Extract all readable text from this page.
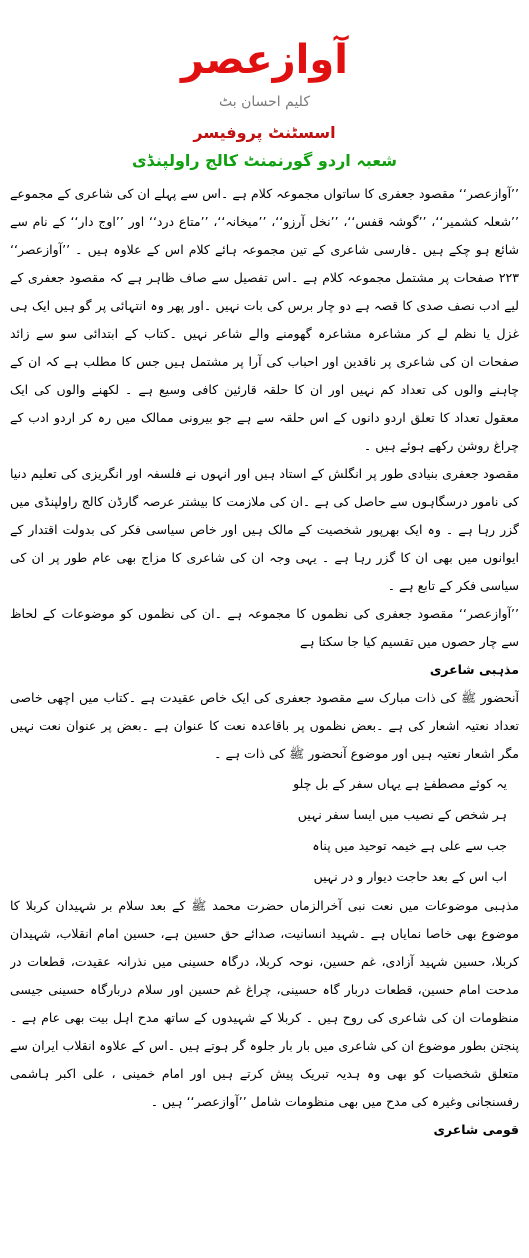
آوازعصر
کلیم احسان بٹ
اسسٹنٹ پروفیسر
شعبہ اردو گورنمنٹ کالج راولپنڈی

’’آوازعصر‘‘ مقصود جعفری کا ساتواں مجموعہ کلام ہے ۔اس سے پہلے ان کی شاعری کے مجموعے ’’شعلہ کشمیر‘‘، ’’گوشہ قفس‘‘، ’’نخل آرزو‘‘، ’’میخانہ‘‘، ’’متاع درد‘‘ اور ’’اوج دار‘‘ کے نام سے شائع ہو چکے ہیں ۔فارسی شاعری کے تین مجموعہ ہائے کلام اس کے علاوہ ہیں ۔ ’’آوازعصر‘‘ ۲۲۳ صفحات پر مشتمل مجموعہ کلام ہے ۔اس تفصیل سے صاف ظاہر ہے کہ مقصود جعفری کے لیے ادب نصف صدی کا قصہ ہے دو چار برس کی بات نہیں ۔اور پھر وہ انتہائی پر گو ہیں ایک ہی غزل یا نظم لے کر مشاعرہ مشاعرہ گھومنے والے شاعر نہیں ۔کتاب کے ابتدائی سو سے زائد صفحات ان کی شاعری پر ناقدین اور احباب کی آرا پر مشتمل ہیں جس کا مطلب ہے کہ ان کے چاہنے والوں کی تعداد کم نہیں اور ان کا حلقہ قارئین کافی وسیع ہے ۔ لکھنے والوں کی ایک معقول تعداد کا تعلق اردو دانوں کے اس حلقہ سے ہے جو بیرونی ممالک میں رہ کر اردو ادب کے چراغ روشن رکھے ہوئے ہیں ۔

مقصود جعفری بنیادی طور پر انگلش کے استاد ہیں اور انہوں نے فلسفہ اور انگریزی کی تعلیم دنیا کی نامور درسگاہوں سے حاصل کی ہے ۔ان کی ملازمت کا بیشتر عرصہ گارڈن کالج راولپنڈی میں گزر رہا ہے ۔ وہ ایک بھرپور شخصیت کے مالک ہیں اور خاص سیاسی فکر کی بدولت اقتدار کے ایوانوں میں بھی ان کا گزر رہا ہے ۔ یہی وجہ ان کی شاعری کا مزاج بھی عام طور پر ان کی سیاسی فکر کے تابع ہے ۔

’’آوازعصر‘‘ مقصود جعفری کی نظموں کا مجموعہ ہے ۔ان کی نظموں کو موضوعات کے لحاظ سے چار حصوں میں تقسیم کیا جا سکتا ہے

مذہبی شاعری

آنحضور ﷺ کی ذات مبارک سے مقصود جعفری کی ایک خاص عقیدت ہے ۔کتاب میں اچھی خاصی تعداد نعتیہ اشعار کی ہے ۔بعض نظموں پر باقاعدہ نعت کا عنوان ہے ۔بعض پر عنوان نعت نہیں مگر اشعار نعتیہ ہیں اور موضوع آنحضور ﷺ کی ذات ہے ۔

یہ کوئے مصطفےٰ ہے یہاں سفر کے بل چلو

ہر شخص کے نصیب میں ایسا سفر نہیں

جب سے علی ہے خیمہ توحید میں پناہ

اب اس کے بعد حاجت دیوار و در نہیں

مذہبی موضوعات میں نعت نبی آخرالزماں حضرت محمد ﷺ کے بعد سلام بر شہیدان کربلا کا موضوع بھی خاصا نمایاں ہے ۔شہید انسانیت، صدائے حق حسین ہے، حسین امام انقلاب، شہیدان کربلا، حسین شہید آزادی، غم حسین، نوحہ کربلا، درگاہ حسینی میں نذرانہ عقیدت، قطعات در مدحت امام حسین، قطعات دربار گاہ حسینی، چراغ غم حسین اور سلام دربارگاہ حسینی جیسی منظومات ان کی شاعری کی روح ہیں ۔ کربلا کے شہیدوں کے ساتھ مدح اہل بیت بھی عام ہے ۔ پنجتن بطور موضوع ان کی شاعری میں بار بار جلوہ گر ہوتے ہیں ۔اس کے علاوہ انقلاب ایران سے متعلق شخصیات کو بھی وہ ہدیہ تبریک پیش کرتے ہیں اور امام خمینی ، علی اکبر ہاشمی رفسنجانی وغیرہ کی مدح میں بھی منظومات شامل ’’آوازعصر‘‘ ہیں ۔

قومی شاعری
